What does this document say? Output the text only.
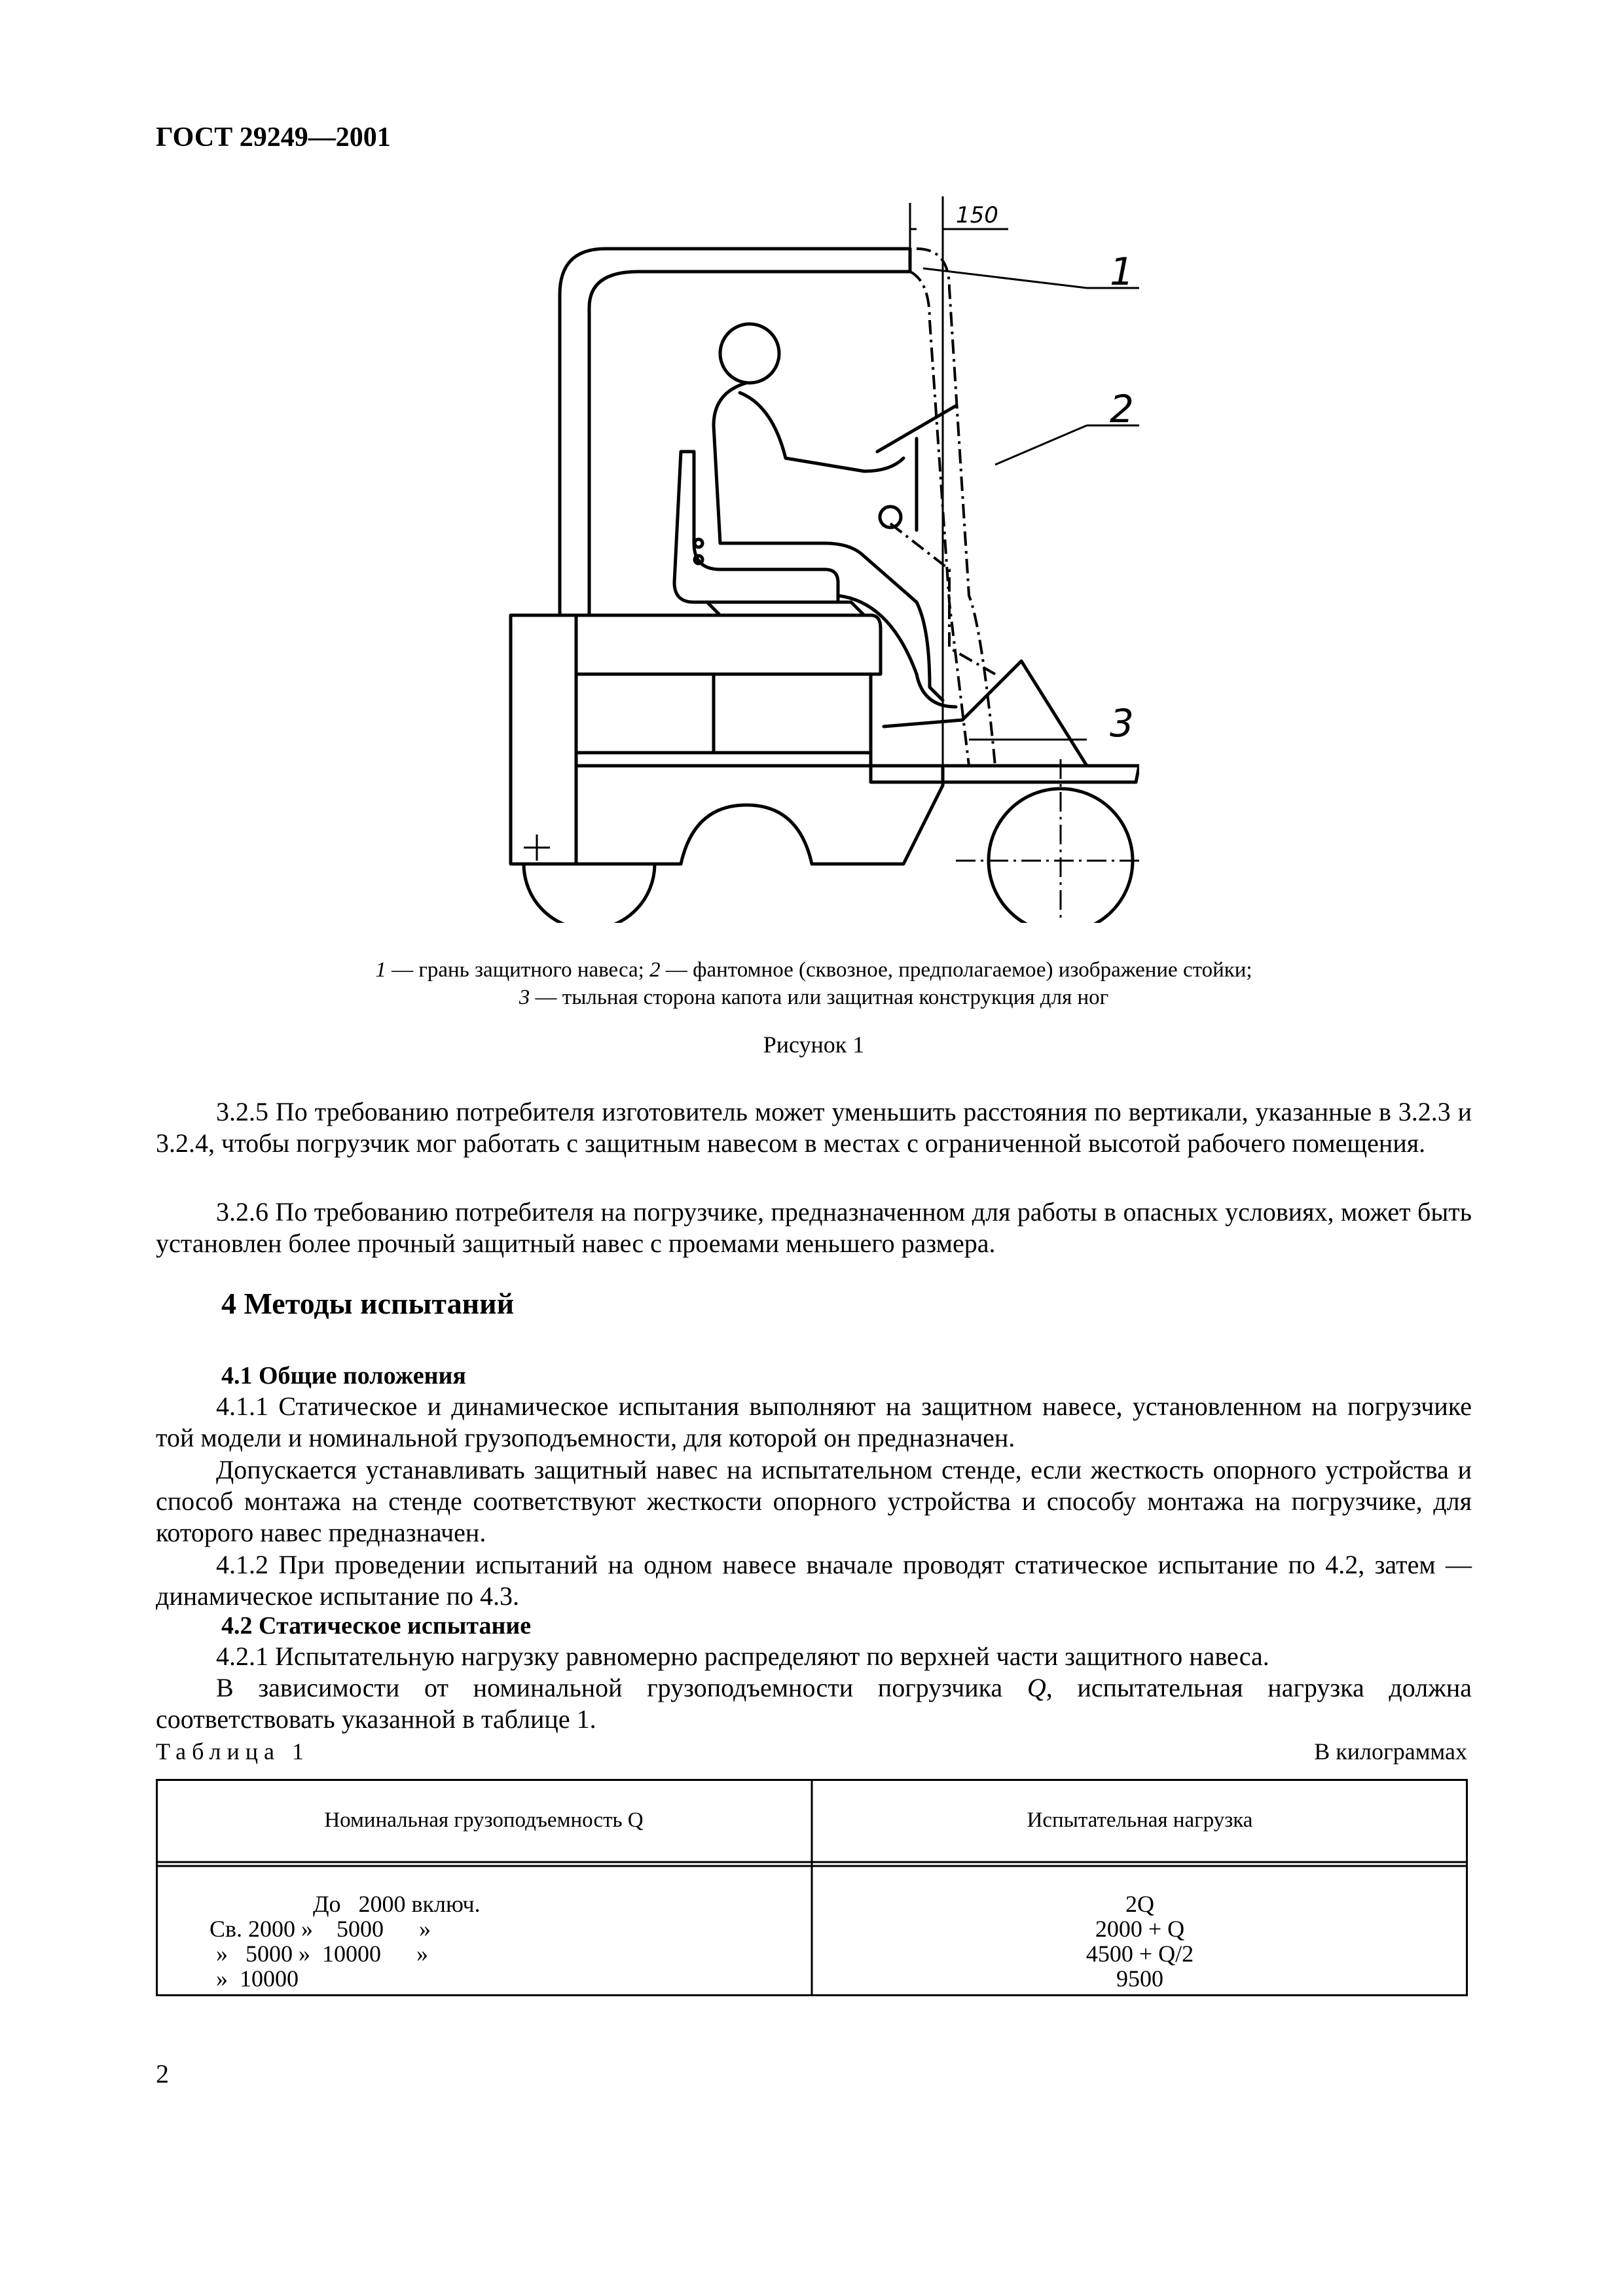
ГОСТ 29249—2001
150
1
2
3
1 — грань защитного навеса; 2 — фантомное (сквозное, предполагаемое) изображение стойки;
3 — тыльная сторона капота или защитная конструкция для ног
Рисунок 1
3.2.5 По требованию потребителя изготовитель может уменьшить расстояния по вертикали, указанные в 3.2.3 и 3.2.4, чтобы погрузчик мог работать с защитным навесом в местах с ограниченной высотой рабочего помещения.
3.2.6 По требованию потребителя на погрузчике, предназначенном для работы в опасных условиях, может быть установлен более прочный защитный навес с проемами меньшего размера.
4 Методы испытаний
4.1 Общие положения
4.1.1 Статическое и динамическое испытания выполняют на защитном навесе, установленном на погрузчике той модели и номинальной грузоподъемности, для которой он предназначен.
Допускается устанавливать защитный навес на испытательном стенде, если жесткость опорного устройства и способ монтажа на стенде соответствуют жесткости опорного устройства и способу монтажа на погрузчике, для которого навес предназначен.
4.1.2 При проведении испытаний на одном навесе вначале проводят статическое испытание по 4.2, затем — динамическое испытание по 4.3.
4.2 Статическое испытание
4.2.1 Испытательную нагрузку равномерно распределяют по верхней части защитного навеса.
В зависимости от номинальной грузоподъемности погрузчика Q, испытательная нагрузка должна соответствовать указанной в таблице 1.
Таблица 1	В килограммах
Номинальная грузоподъемность Q	Испытательная нагрузка
До   2000 включ.
Св. 2000 »    5000      »
»   5000 »  10000      »
»  10000
2Q
2000 + Q
4500 + Q/2
9500
2
